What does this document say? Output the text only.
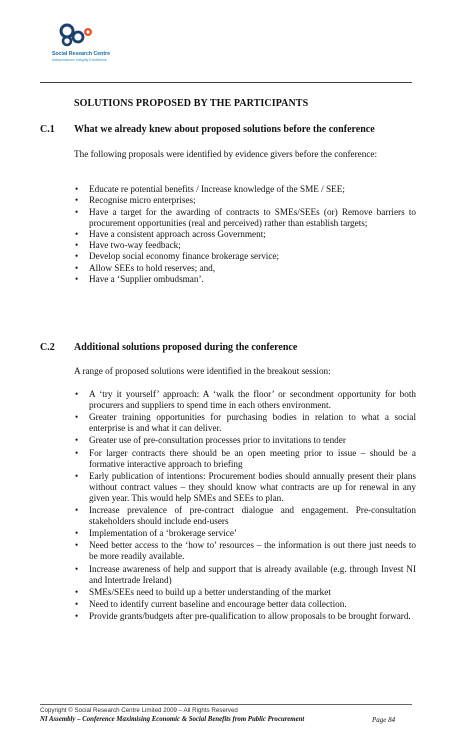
Social Research Centre
Independence integrity Excellence
SOLUTIONS PROPOSED BY THE PARTICIPANTS
C.1 What we already knew about proposed solutions before the conference
The following proposals were identified by evidence givers before the conference:
• Educate re potential benefits / Increase knowledge of the SME / SEE;
• Recognise micro enterprises;
• Have a target for the awarding of contracts to SMEs/SEEs (or) Remove barriers to procurement opportunities (real and perceived) rather than establish targets;
• Have a consistent approach across Government;
• Have two-way feedback;
• Develop social economy finance brokerage service;
• Allow SEEs to hold reserves; and,
• Have a ‘Supplier ombudsman’.
C.2 Additional solutions proposed during the conference
A range of proposed solutions were identified in the breakout session:
• A ‘try it yourself’ approach: A ‘walk the floor’ or secondment opportunity for both procurers and suppliers to spend time in each others environment.
• Greater training opportunities for purchasing bodies in relation to what a social enterprise is and what it can deliver.
• Greater use of pre-consultation processes prior to invitations to tender
• For larger contracts there should be an open meeting prior to issue – should be a formative interactive approach to briefing
• Early publication of intentions: Procurement bodies should annually present their plans without contract values – they should know what contracts are up for renewal in any given year. This would help SMEs and SEEs to plan.
• Increase prevalence of pre-contract dialogue and engagement. Pre-consultation stakeholders should include end-users
• Implementation of a ‘brokerage service’
• Need better access to the ‘how to’ resources – the information is out there just needs to be more readily available.
• Increase awareness of help and support that is already available (e.g. through Invest NI and Intertrade Ireland)
• SMEs/SEEs need to build up a better understanding of the market
• Need to identify current baseline and encourage better data collection.
• Provide grants/budgets after pre-qualification to allow proposals to be brought forward.
Copyright © Social Research Centre Limited 2009 – All Rights Reserved
NI Assembly – Conference Maximising Economic & Social Benefits from Public Procurement	Page 84
